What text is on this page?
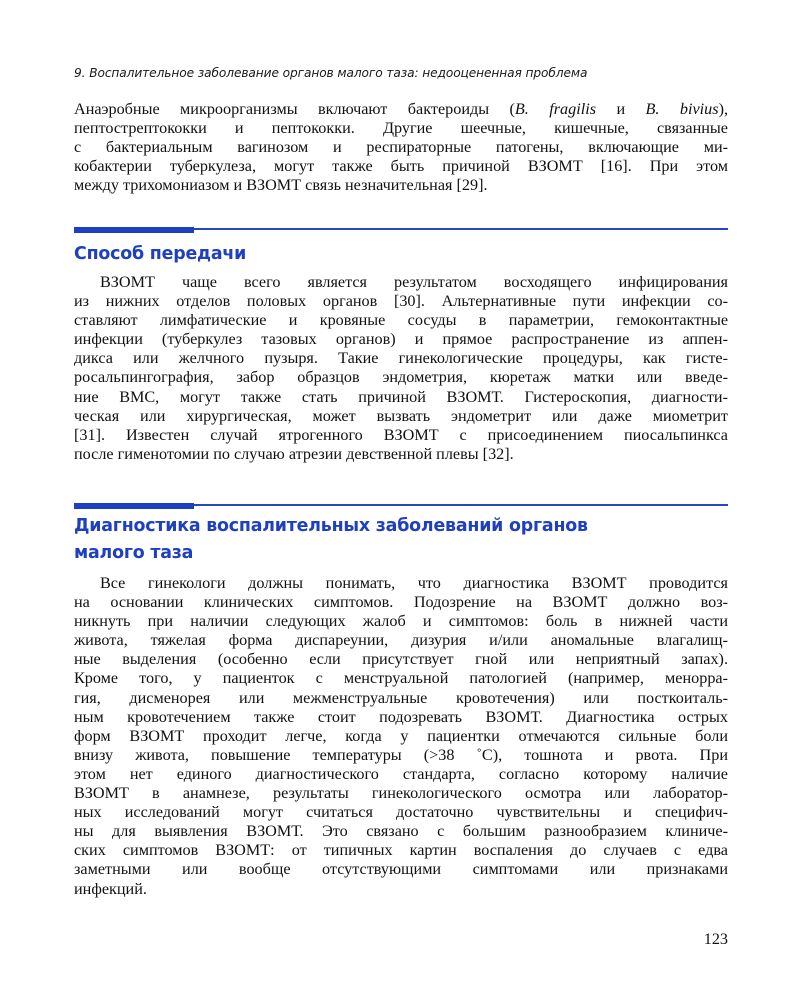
9. Воспалительное заболевание органов малого таза: недооцененная проблема

Анаэробные микроорганизмы включают бактероиды (B. fragilis и B. bivius),
пептострептококки и пептококки. Другие шеечные, кишечные, связанные
с бактериальным вагинозом и респираторные патогены, включающие ми-
кобактерии туберкулеза, могут также быть причиной ВЗОМТ [16]. При этом
между трихомониазом и ВЗОМТ связь незначительная [29].

Способ передачи

ВЗОМТ чаще всего является результатом восходящего инфицирования
из нижних отделов половых органов [30]. Альтернативные пути инфекции со-
ставляют лимфатические и кровяные сосуды в параметрии, гемоконтактные
инфекции (туберкулез тазовых органов) и прямое распространение из аппен-
дикса или желчного пузыря. Такие гинекологические процедуры, как гисте-
росальпингография, забор образцов эндометрия, кюретаж матки или введе-
ние ВМС, могут также стать причиной ВЗОМТ. Гистероскопия, диагности-
ческая или хирургическая, может вызвать эндометрит или даже миометрит
[31]. Известен случай ятрогенного ВЗОМТ с присоединением пиосальпинкса
после гименотомии по случаю атрезии девственной плевы [32].

Диагностика воспалительных заболеваний органов
малого таза

Все гинекологи должны понимать, что диагностика ВЗОМТ проводится
на основании клинических симптомов. Подозрение на ВЗОМТ должно воз-
никнуть при наличии следующих жалоб и симптомов: боль в нижней части
живота, тяжелая форма диспареунии, дизурия и/или аномальные влагалищ-
ные выделения (особенно если присутствует гной или неприятный запах).
Кроме того, у пациенток с менструальной патологией (например, менорра-
гия, дисменорея или межменструальные кровотечения) или посткоиталь-
ным кровотечением также стоит подозревать ВЗОМТ. Диагностика острых
форм ВЗОМТ проходит легче, когда у пациентки отмечаются сильные боли
внизу живота, повышение температуры (>38 ˚С), тошнота и рвота. При
этом нет единого диагностического стандарта, согласно которому наличие
ВЗОМТ в анамнезе, результаты гинекологического осмотра или лаборатор-
ных исследований могут считаться достаточно чувствительны и специфич-
ны для выявления ВЗОМТ. Это связано с большим разнообразием клиниче-
ских симптомов ВЗОМТ: от типичных картин воспаления до случаев с едва
заметными или вообще отсутствующими симптомами или признаками
инфекций.

123
